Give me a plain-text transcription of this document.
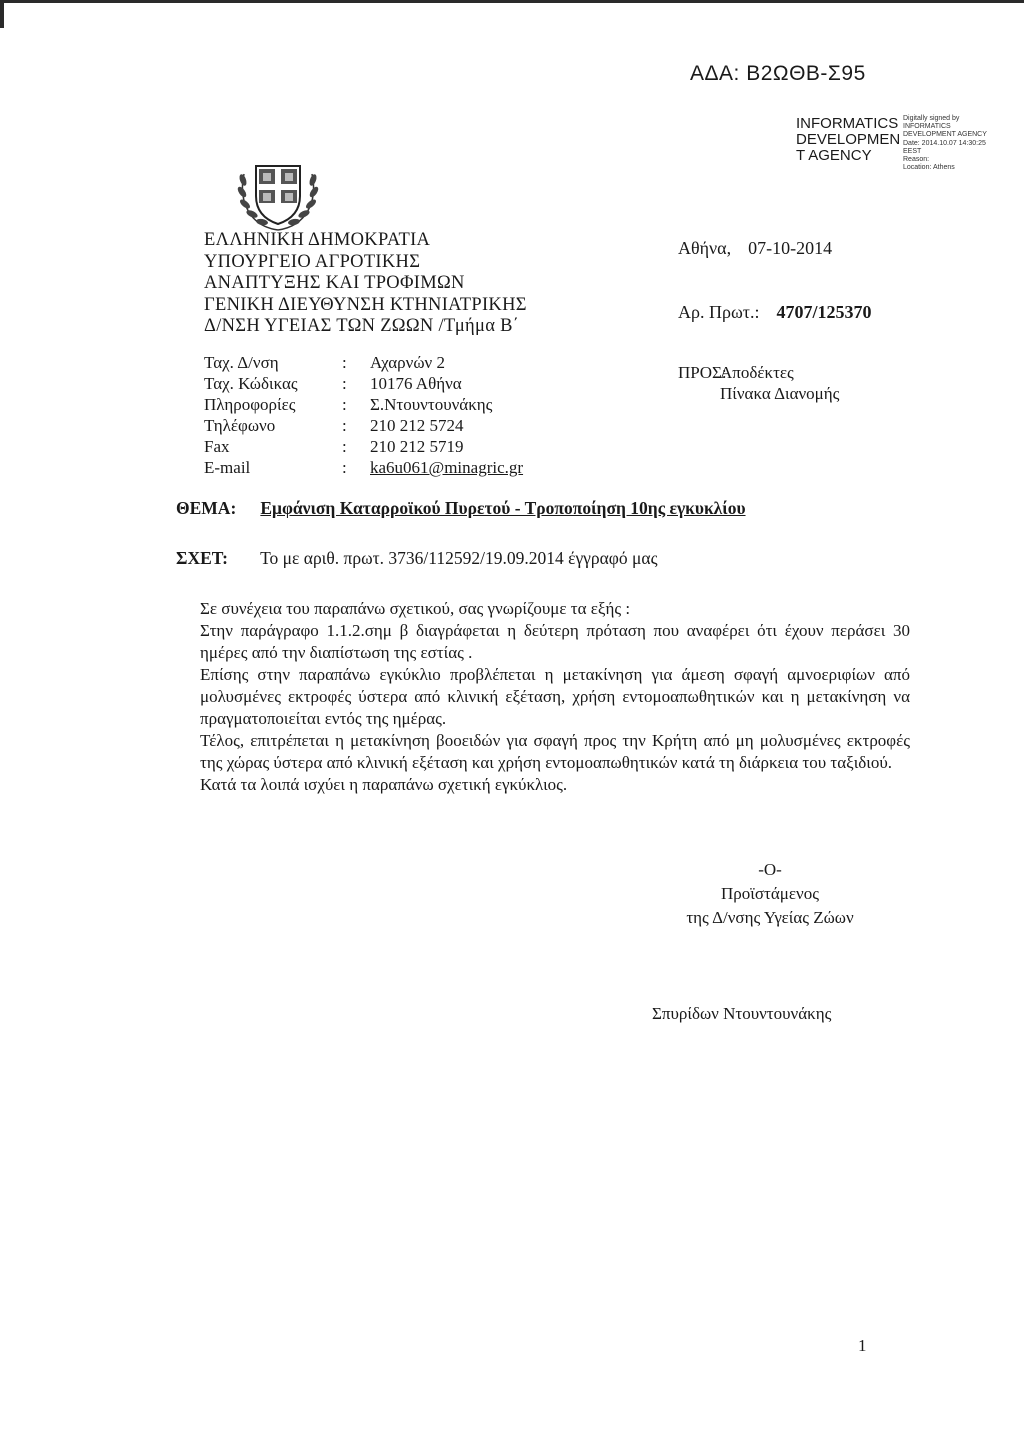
ΑΔΑ: Β2ΩΘΒ-Σ95
INFORMATICS
DEVELOPMEN
T AGENCY
Digitally signed by
INFORMATICS
DEVELOPMENT AGENCY
Date: 2014.10.07 14:30:25
EEST
Reason:
Location: Athens
ΕΛΛΗΝΙΚΗ ΔΗΜΟΚΡΑΤΙΑ
ΥΠΟΥΡΓΕΙΟ ΑΓΡΟΤΙΚΗΣ
ΑΝΑΠΤΥΞΗΣ ΚΑΙ ΤΡΟΦΙΜΩΝ
ΓΕΝΙΚΗ ΔΙΕΥΘΥΝΣΗ ΚΤΗΝΙΑΤΡΙΚΗΣ
Δ/ΝΣΗ ΥΓΕΙΑΣ ΤΩΝ ΖΩΩΝ /Τμήμα Β΄
Αθήνα, 07-10-2014
Αρ. Πρωτ.: 4707/125370
Ταχ. Δ/νση	:	Αχαρνών 2
Ταχ. Κώδικας	:	10176 Αθήνα
Πληροφορίες	:	Σ.Ντουντουνάκης
Τηλέφωνο	:	210 212 5724
Fax	:	210 212 5719
E-mail	:	ka6u061@minagric.gr
ΠΡΟΣ:
Αποδέκτες
Πίνακα Διανομής
ΘΕΜΑ: Εμφάνιση Καταρροϊκού Πυρετού - Τροποποίηση 10ης εγκυκλίου
ΣΧΕΤ: Το με αριθ. πρωτ. 3736/112592/19.09.2014 έγγραφό μας

Σε συνέχεια του παραπάνω σχετικού, σας γνωρίζουμε τα εξής :

Στην παράγραφο 1.1.2.σημ β διαγράφεται η δεύτερη πρόταση που αναφέρει ότι έχουν περάσει 30 ημέρες από την διαπίστωση της εστίας .

Επίσης στην παραπάνω εγκύκλιο προβλέπεται η μετακίνηση για άμεση σφαγή αμνοεριφίων από μολυσμένες εκτροφές ύστερα από κλινική εξέταση, χρήση εντομοαπωθητικών και η μετακίνηση να πραγματοποιείται εντός της ημέρας.

Τέλος, επιτρέπεται η μετακίνηση βοοειδών για σφαγή προς την Κρήτη από μη μολυσμένες εκτροφές της χώρας ύστερα από κλινική εξέταση και χρήση εντομοαπωθητικών κατά τη διάρκεια του ταξιδιού.

Κατά τα λοιπά ισχύει η παραπάνω σχετική εγκύκλιος.

-Ο-
Προϊστάμενος
της Δ/νσης Υγείας Ζώων
Σπυρίδων Ντουντουνάκης
1
